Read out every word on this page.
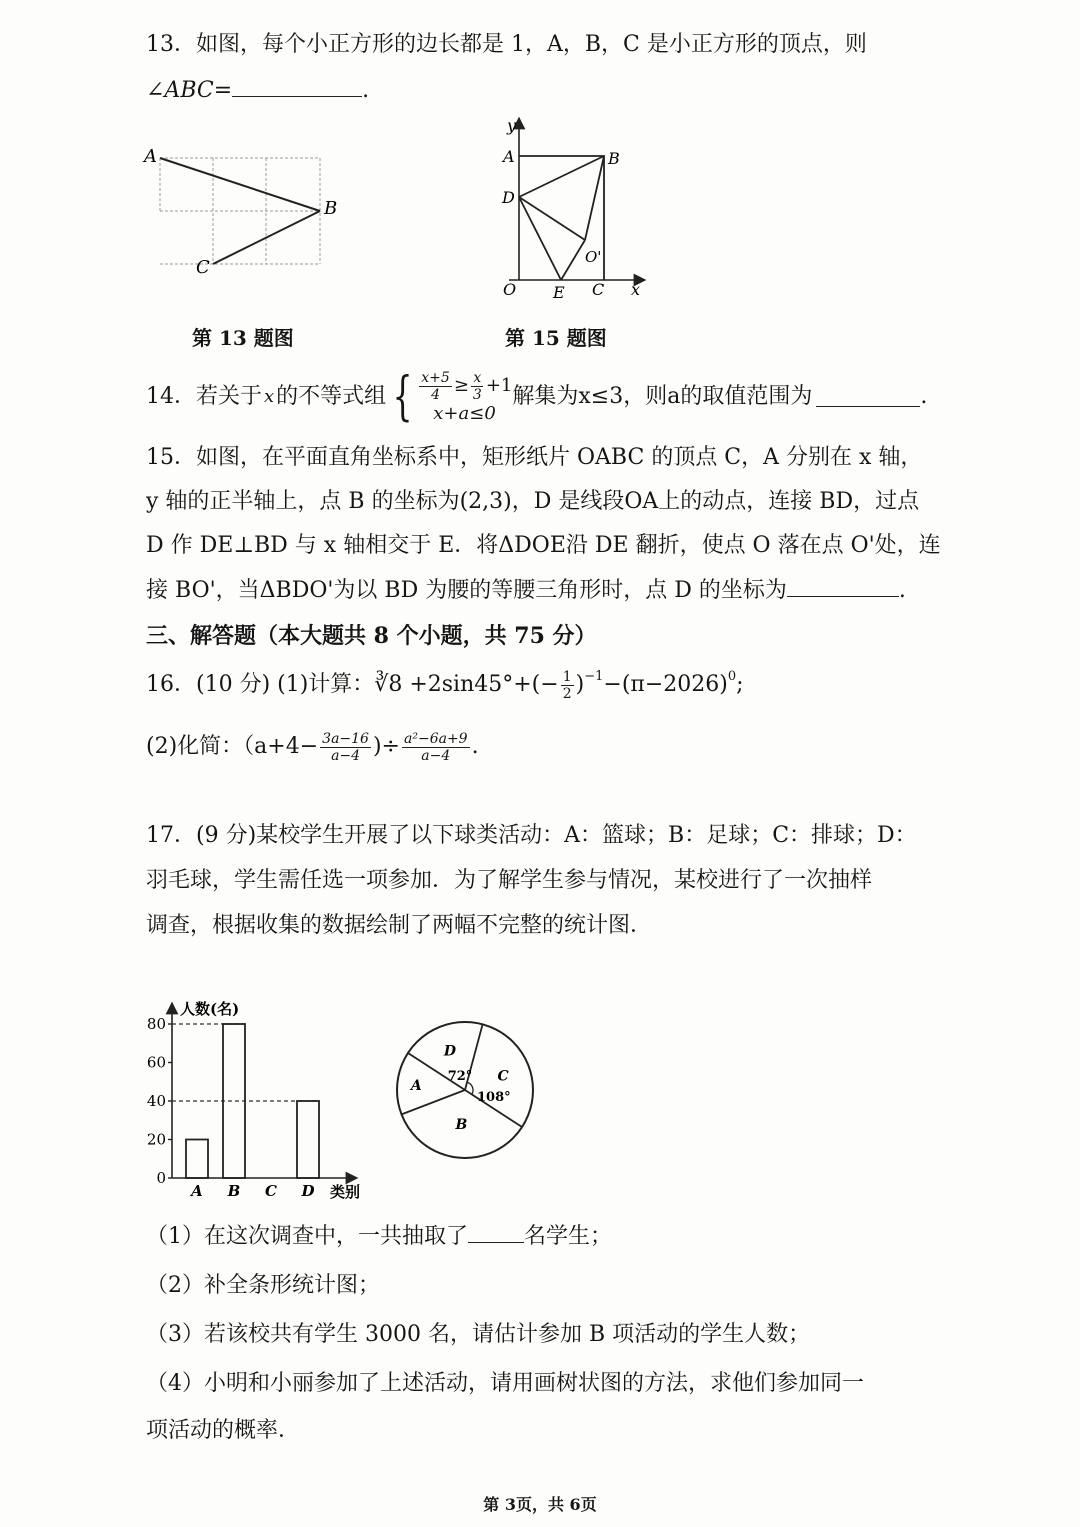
13．如图，每个小正方形的边长都是 1，A，B，C 是小正方形的顶点，则
∠ABC=	.
A
B
C
第 13 题图
y
x
A	B
D
O E C
O'
第 15 题图
14．若关于 x 的不等式组 { $\frac{x+5}{4} \ge \frac{x}{3} +1$
x+a≤0
解集为x≤3，则a的取值范围为	.
15．如图，在平面直角坐标系中，矩形纸片 OABC 的顶点 C，A 分别在 x 轴，
y 轴的正半轴上，点 B 的坐标为(2,3)，D 是线段OA上的动点，连接 BD，过点
D 作 DE⊥BD 与 x 轴相交于 E．将ΔDOE沿 DE 翻折，使点 O 落在点 O'处，连
接 BO'，当ΔBDO'为以 BD 为腰的等腰三角形时，点 D 的坐标为	.
三、解答题（本大题共 8 个小题，共 75 分）
16．(10 分) (1)计算： ∛8 $+2\sin 45^\circ+(- \frac{1}{2} )^{-1} -(\pi-2026)^0$ ;
(2)化简：（$a+4- \frac{3a-16}{a-4}$ )÷ $\frac{\text{a²−6a+9}}{a-4}$ .
17．(9 分)某校学生开展了以下球类活动：A：篮球；B：足球；C：排球；D：
羽毛球，学生需任选一项参加．为了解学生参与情况，某校进行了一次抽样
调查，根据收集的数据绘制了两幅不完整的统计图．
人数(名)
类别
0
20
40
60
80
A B C D
A
B
C
D
72°
108°
（1）在这次调查中，一共抽取了	名学生；
（2）补全条形统计图；
（3）若该校共有学生 3000 名，请估计参加 B 项活动的学生人数；
（4）小明和小丽参加了上述活动，请用画树状图的方法，求他们参加同一
项活动的概率．
第 3页，共 6页
